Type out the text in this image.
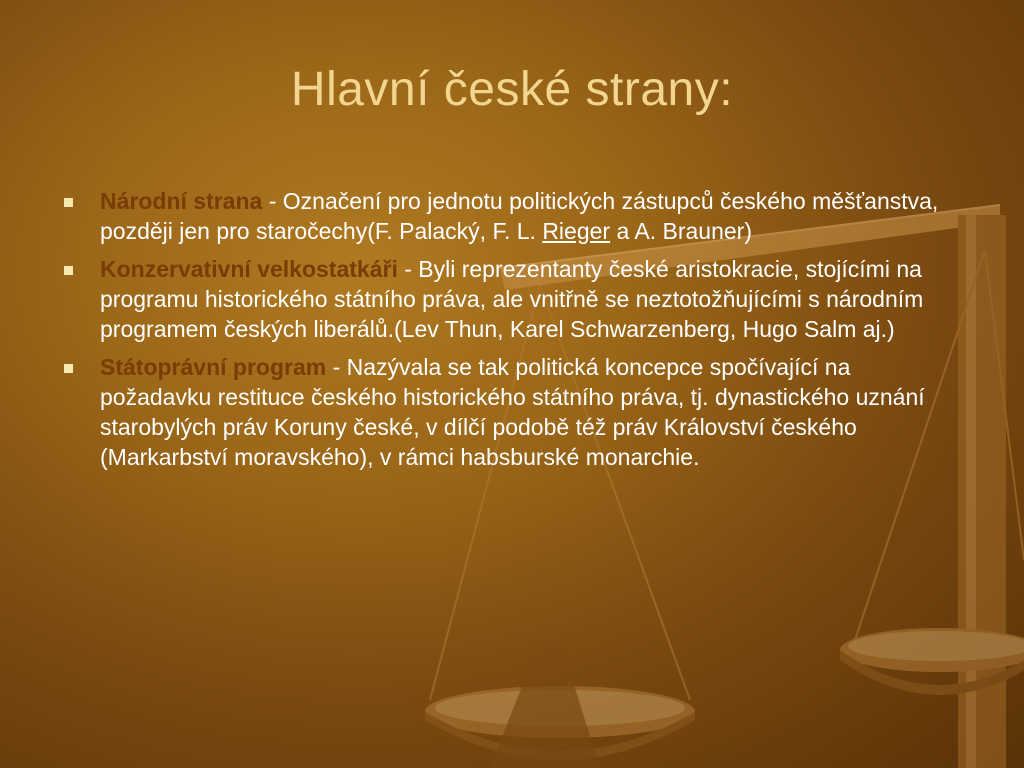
Hlavní české strany:
Národní strana - Označení pro jednotu politických zástupců českého měšťanstva, později jen pro staročechy(F. Palacký, F. L. Rieger a A. Brauner)
Konzervativní velkostatkáři - Byli reprezentanty české aristokracie, stojícími na programu historického státního práva, ale vnitřně se neztotožňujícími s národním programem českých liberálů.(Lev Thun, Karel Schwarzenberg, Hugo Salm aj.)
Státoprávní program - Nazývala se tak politická koncepce spočívající na požadavku restituce českého historického státního práva, tj. dynastického uznání starobylých práv Koruny české, v dílčí podobě též práv Království českého (Markarbství moravského), v rámci habsburské monarchie.
